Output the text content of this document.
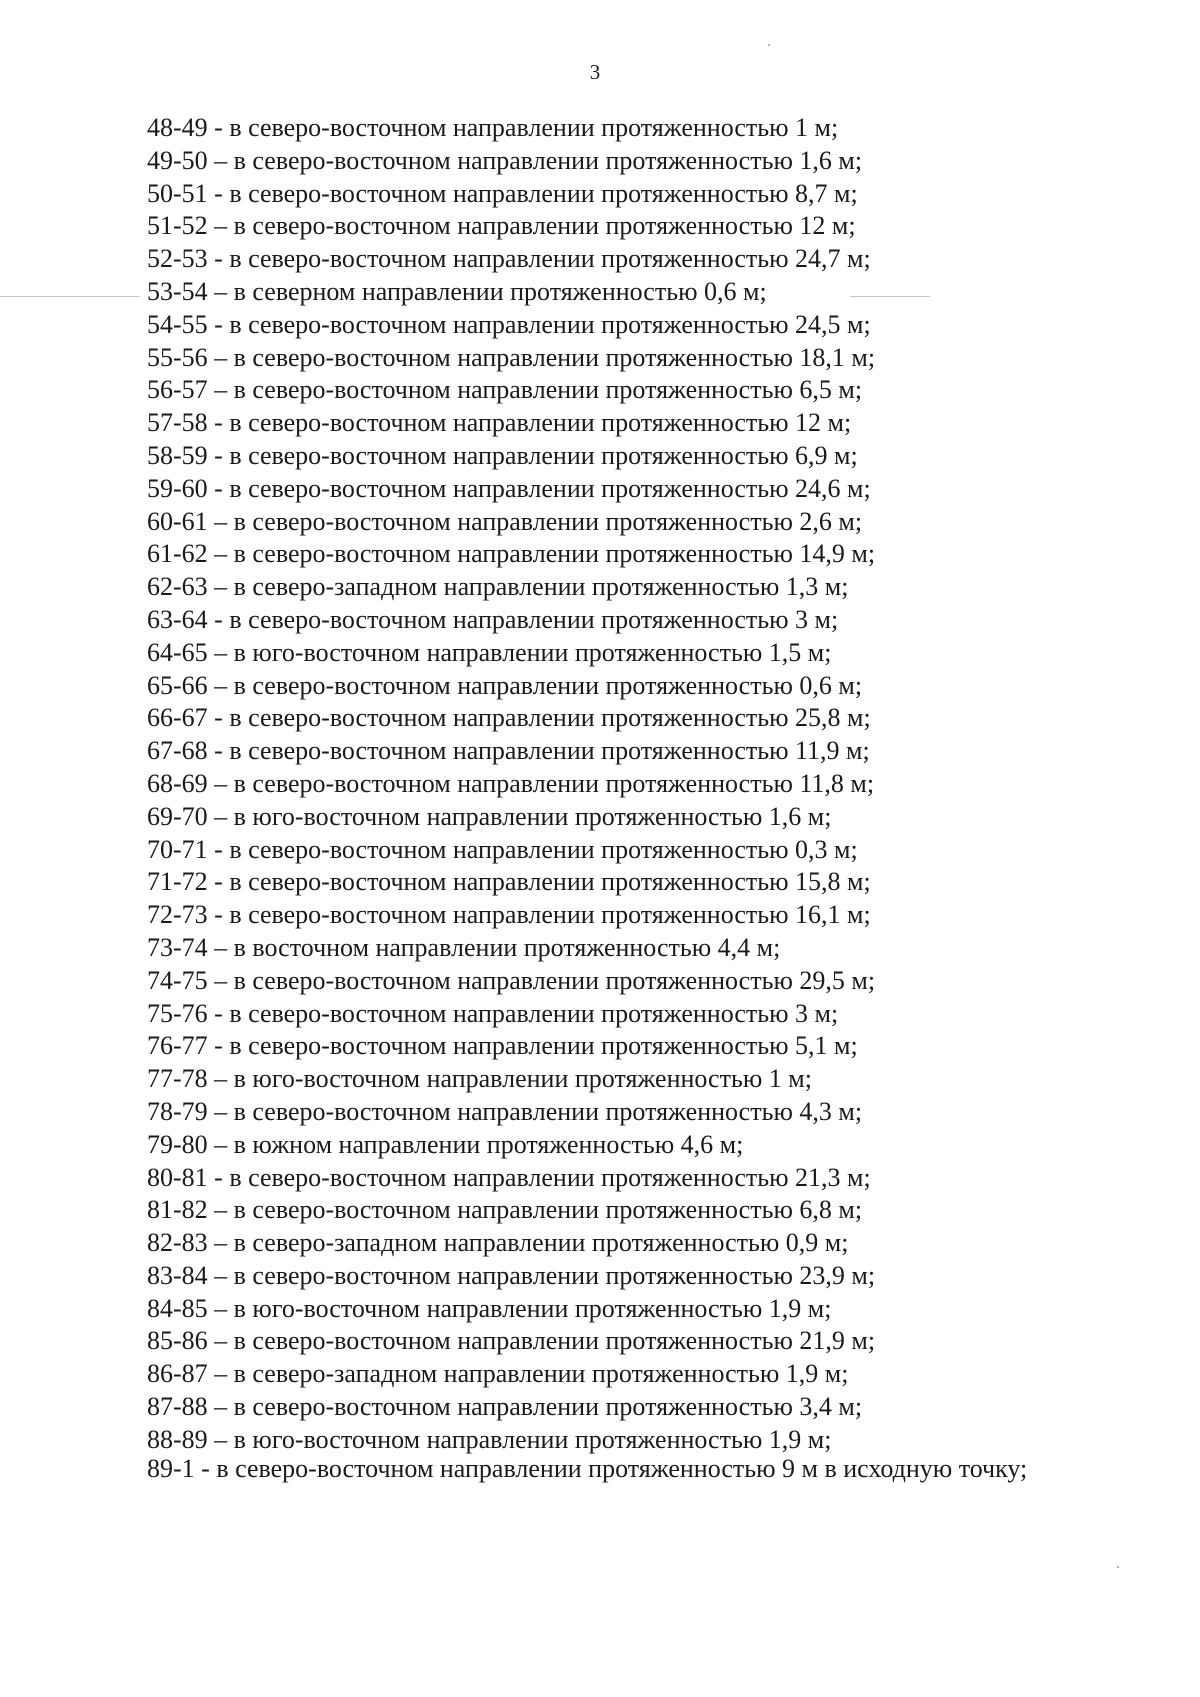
3
48-49 - в северо-восточном направлении протяженностью 1 м;
49-50 – в северо-восточном направлении протяженностью 1,6 м;
50-51 - в северо-восточном направлении протяженностью 8,7 м;
51-52 – в северо-восточном направлении протяженностью 12 м;
52-53 - в северо-восточном направлении протяженностью 24,7 м;
53-54 – в северном направлении протяженностью 0,6 м;
54-55 - в северо-восточном направлении протяженностью 24,5 м;
55-56 – в северо-восточном направлении протяженностью 18,1 м;
56-57 – в северо-восточном направлении протяженностью 6,5 м;
57-58 - в северо-восточном направлении протяженностью 12 м;
58-59 - в северо-восточном направлении протяженностью 6,9 м;
59-60 - в северо-восточном направлении протяженностью 24,6 м;
60-61 – в северо-восточном направлении протяженностью 2,6 м;
61-62 – в северо-восточном направлении протяженностью 14,9 м;
62-63 – в северо-западном направлении протяженностью 1,3 м;
63-64 - в северо-восточном направлении протяженностью 3 м;
64-65 – в юго-восточном направлении протяженностью 1,5 м;
65-66 – в северо-восточном направлении протяженностью 0,6 м;
66-67 - в северо-восточном направлении протяженностью 25,8 м;
67-68 - в северо-восточном направлении протяженностью 11,9 м;
68-69 – в северо-восточном направлении протяженностью 11,8 м;
69-70 – в юго-восточном направлении протяженностью 1,6 м;
70-71 - в северо-восточном направлении протяженностью 0,3 м;
71-72 - в северо-восточном направлении протяженностью 15,8 м;
72-73 - в северо-восточном направлении протяженностью 16,1 м;
73-74 – в восточном направлении протяженностью 4,4 м;
74-75 – в северо-восточном направлении протяженностью 29,5 м;
75-76 - в северо-восточном направлении протяженностью 3 м;
76-77 - в северо-восточном направлении протяженностью 5,1 м;
77-78 – в юго-восточном направлении протяженностью 1 м;
78-79 – в северо-восточном направлении протяженностью 4,3 м;
79-80 – в южном направлении протяженностью 4,6 м;
80-81 - в северо-восточном направлении протяженностью 21,3 м;
81-82 – в северо-восточном направлении протяженностью 6,8 м;
82-83 – в северо-западном направлении протяженностью 0,9 м;
83-84 – в северо-восточном направлении протяженностью 23,9 м;
84-85 – в юго-восточном направлении протяженностью 1,9 м;
85-86 – в северо-восточном направлении протяженностью 21,9 м;
86-87 – в северо-западном направлении протяженностью 1,9 м;
87-88 – в северо-восточном направлении протяженностью 3,4 м;
88-89 – в юго-восточном направлении протяженностью 1,9 м;

89-1 - в северо-восточном направлении протяженностью 9 м в исходную точку;
